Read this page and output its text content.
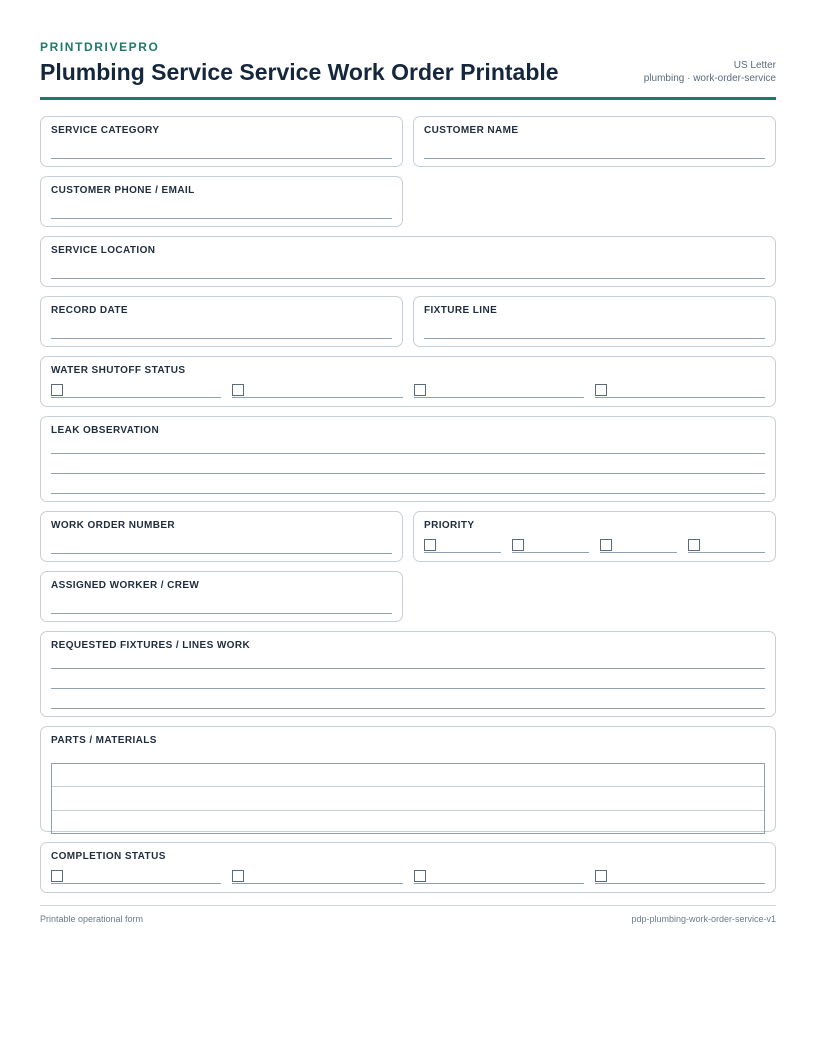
PRINTDRIVEPRO
Plumbing Service Service Work Order Printable	US Letter
plumbing · work-order-service
SERVICE CATEGORY	CUSTOMER NAME
CUSTOMER PHONE / EMAIL
SERVICE LOCATION
RECORD DATE	FIXTURE LINE
WATER SHUTOFF STATUS
LEAK OBSERVATION
WORK ORDER NUMBER	PRIORITY
ASSIGNED WORKER / CREW
REQUESTED FIXTURES / LINES WORK
PARTS / MATERIALS
COMPLETION STATUS
Printable operational form	pdp-plumbing-work-order-service-v1
